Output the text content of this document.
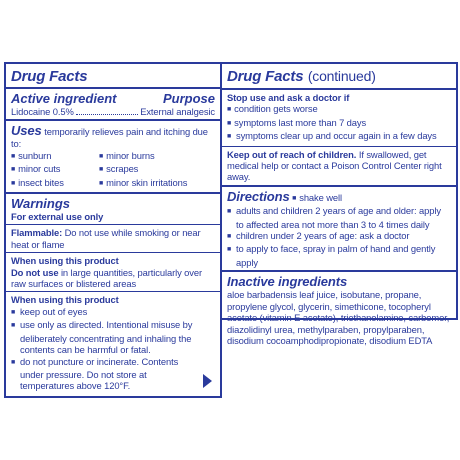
Drug Facts
Active ingredient	Purpose
Lidocaine 0.5%	External analgesic
Uses temporarily relieves pain and itching due to:
■ sunburn	■ minor burns
■ minor cuts	■ scrapes
■ insect bites	■ minor skin irritations
Warnings
For external use only
Flammable: Do not use while smoking or near heat or flame
When using this product
Do not use in large quantities, particularly over raw surfaces or blistered areas
When using this product
■ keep out of eyes
■ use only as directed. Intentional misuse by deliberately concentrating and inhaling the contents can be harmful or fatal.
■ do not puncture or incinerate. Contents under pressure. Do not store at temperatures above 120°F.
Drug Facts (continued)
Stop use and ask a doctor if
■ condition gets worse   ■ symptoms last more than 7 days
■ symptoms clear up and occur again in a few days
Keep out of reach of children. If swallowed, get medical help or contact a Poison Control Center right away.
Directions ■ shake well
■ adults and children 2 years of age and older: apply to affected area not more than 3 to 4 times daily
■ children under 2 years of age: ask a doctor
■ to apply to face, spray in palm of hand and gently apply
Inactive ingredients
aloe barbadensis leaf juice, isobutane, propane, propylene glycol, glycerin, simethicone, tocopheryl acetate (vitamin E acetate), triethanolamine, carbomer, diazolidinyl urea, methylparaben, propylparaben, disodium cocoamphodipropionate, disodium EDTA
